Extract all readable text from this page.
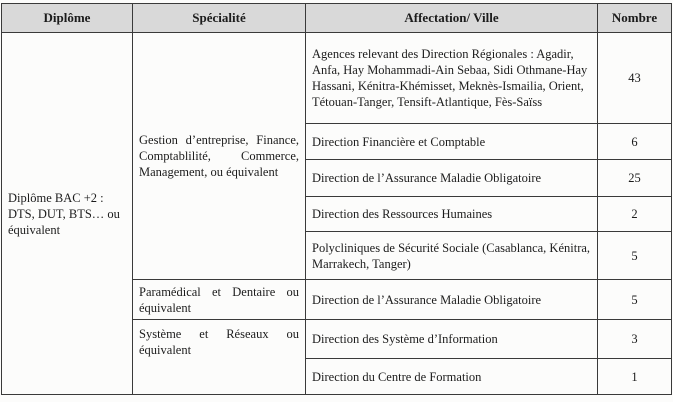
Diplôme	Spécialité	Affectation/ Ville	Nombre
Diplôme BAC +2 : DTS, DUT, BTS… ou équivalent	Gestion d’entreprise, Finance, Comptablilité, Commerce, Management, ou équivalent	Agences relevant des Direction Régionales : Agadir, Anfa, Hay Mohammadi-Ain Sebaa, Sidi Othmane-Hay Hassani, Kénitra-Khémisset, Meknès-Ismailia, Orient, Tétouan-Tanger, Tensift-Atlantique, Fès-Saïss	43
		Direction Financière et Comptable	6
		Direction de l’Assurance Maladie Obligatoire	25
		Direction des Ressources Humaines	2
		Polycliniques de Sécurité Sociale (Casablanca, Kénitra, Marrakech, Tanger)	5
	Paramédical et Dentaire ou équivalent	Direction de l’Assurance Maladie Obligatoire	5
	Système et Réseaux ou équivalent	Direction des Système d’Information	3
		Direction du Centre de Formation	1
